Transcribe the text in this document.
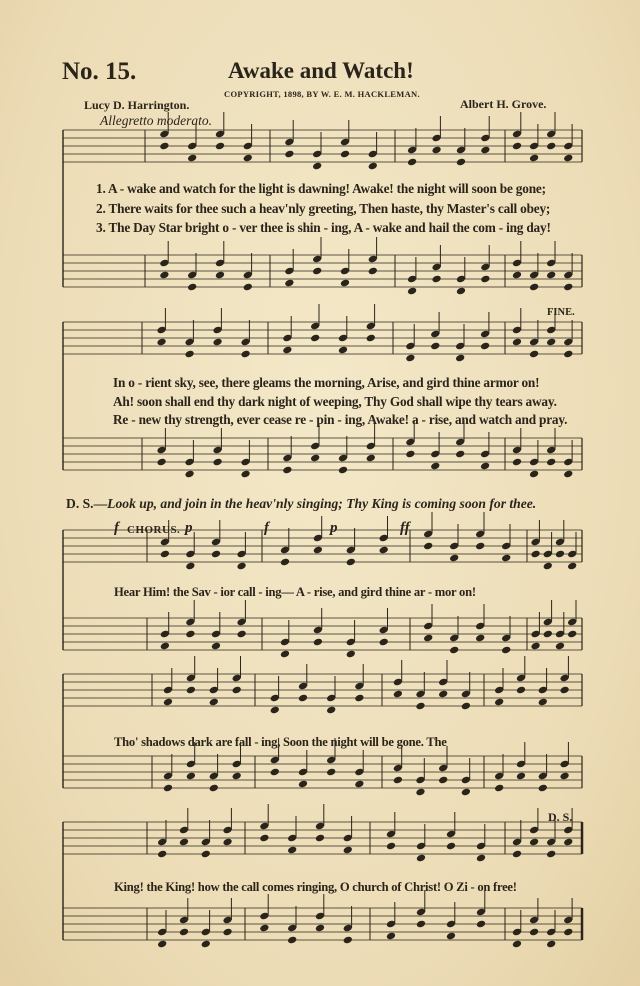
No. 15.	Awake and Watch!
COPYRIGHT, 1898, BY W. E. M. HACKLEMAN.
Lucy D. Harrington.	Albert H. Grove.
Allegretto moderato.
1. A - wake and watch for the light is dawning! Awake! the night will soon be gone;
2. There waits for thee such a heav'nly greeting, Then haste, thy Master's call obey;
3. The Day Star bright o - ver thee is shin - ing, A - wake and hail the com - ing day!
FINE.
In o - rient sky, see, there gleams the morning, Arise, and gird thine armor on!
Ah! soon shall end thy dark night of weeping, Thy God shall wipe thy tears away.
Re - new thy strength, ever cease re - pin - ing, Awake! a - rise, and watch and pray.
D. S.—Look up, and join in the heav'nly singing; Thy King is coming soon for thee.
f CHORUS. p	f	p	ff
Hear Him! the Sav - ior call - ing— A - rise, and gird thine ar - mor on!
Tho' shadows dark are fall - ing, Soon the night will be gone. The
D. S.
King! the King! how the call comes ringing, O church of Christ! O Zi - on free!
